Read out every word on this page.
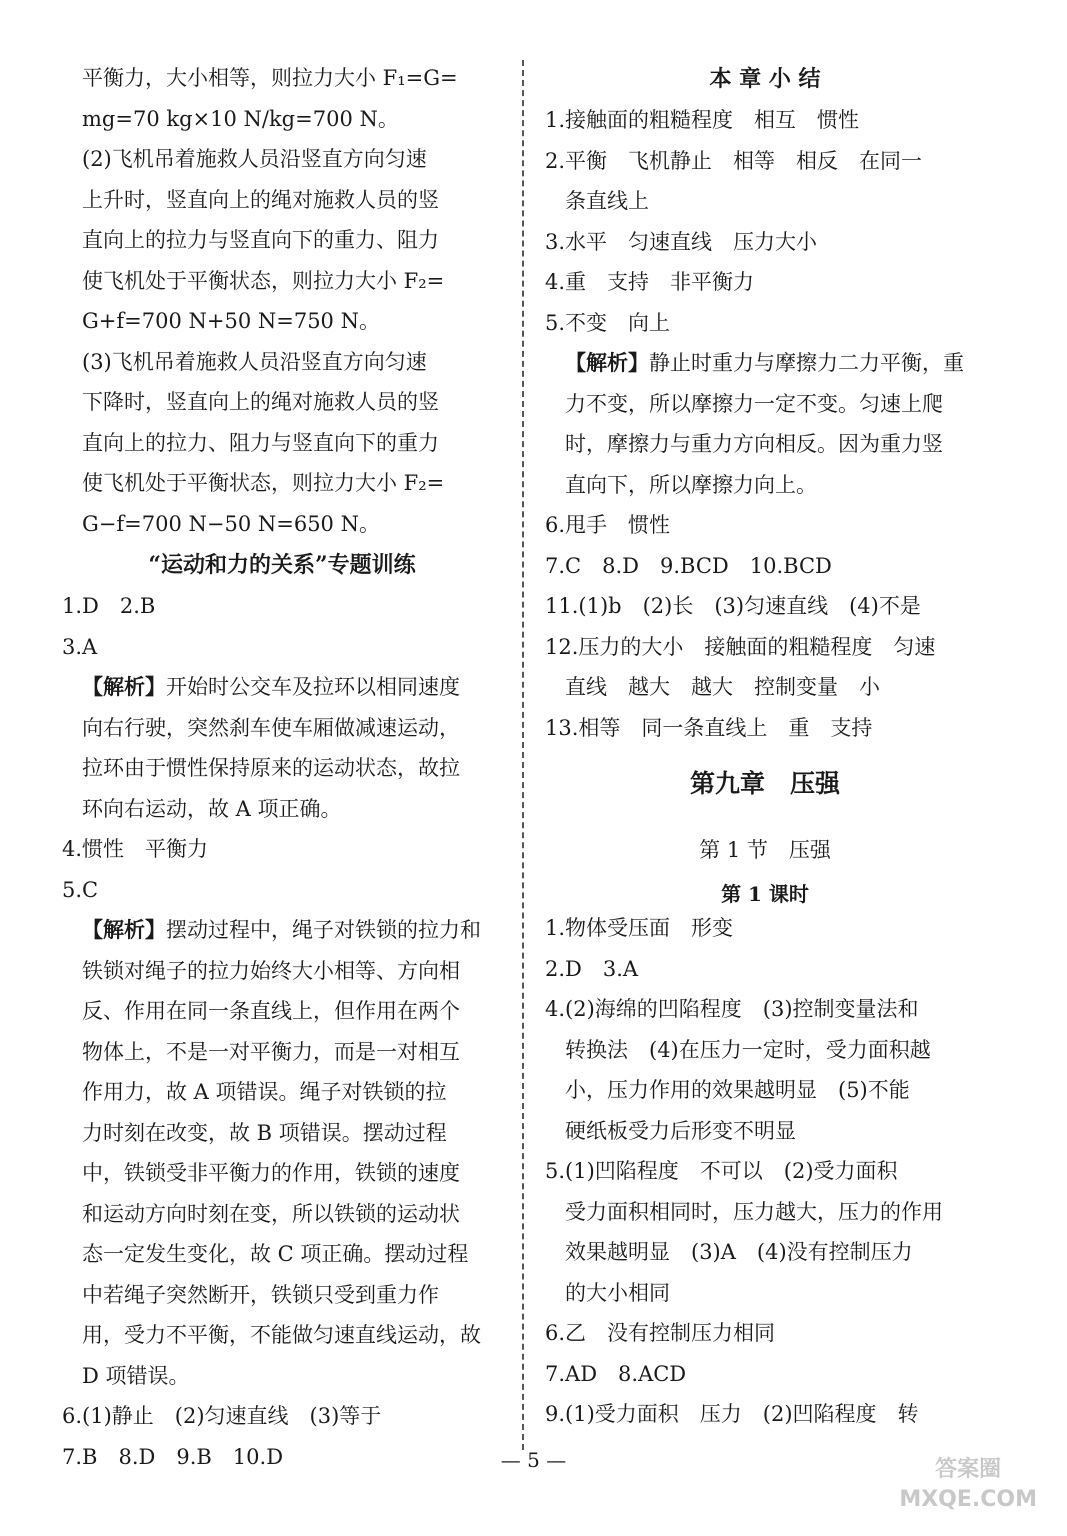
平衡力，大小相等，则拉力大小 F₁=G=
mg=70 kg×10 N/kg=700 N。
(2)飞机吊着施救人员沿竖直方向匀速
上升时，竖直向上的绳对施救人员的竖
直向上的拉力与竖直向下的重力、阻力
使飞机处于平衡状态，则拉力大小 F₂=
G+f=700 N+50 N=750 N。
(3)飞机吊着施救人员沿竖直方向匀速
下降时，竖直向上的绳对施救人员的竖
直向上的拉力、阻力与竖直向下的重力
使飞机处于平衡状态，则拉力大小 F₂=
G−f=700 N−50 N=650 N。
“运动和力的关系”专题训练
1.D　2.B
3.A
【解析】开始时公交车及拉环以相同速度
向右行驶，突然刹车使车厢做减速运动，
拉环由于惯性保持原来的运动状态，故拉
环向右运动，故 A 项正确。
4.惯性　平衡力
5.C
【解析】摆动过程中，绳子对铁锁的拉力和
铁锁对绳子的拉力始终大小相等、方向相
反、作用在同一条直线上，但作用在两个
物体上，不是一对平衡力，而是一对相互
作用力，故 A 项错误。绳子对铁锁的拉
力时刻在改变，故 B 项错误。摆动过程
中，铁锁受非平衡力的作用，铁锁的速度
和运动方向时刻在变，所以铁锁的运动状
态一定发生变化，故 C 项正确。摆动过程
中若绳子突然断开，铁锁只受到重力作
用，受力不平衡，不能做匀速直线运动，故
D 项错误。
6.(1)静止　(2)匀速直线　(3)等于
7.B　8.D　9.B　10.D
本 章 小 结
1.接触面的粗糙程度　相互　惯性
2.平衡　飞机静止　相等　相反　在同一
条直线上
3.水平　匀速直线　压力大小
4.重　支持　非平衡力
5.不变　向上
【解析】静止时重力与摩擦力二力平衡，重
力不变，所以摩擦力一定不变。匀速上爬
时，摩擦力与重力方向相反。因为重力竖
直向下，所以摩擦力向上。
6.甩手　惯性
7.C　8.D　9.BCD　10.BCD
11.(1)b　(2)长　(3)匀速直线　(4)不是
12.压力的大小　接触面的粗糙程度　匀速
直线　越大　越大　控制变量　小
13.相等　同一条直线上　重　支持
第九章　压强
第 1 节　压强
第 1 课时
1.物体受压面　形变
2.D　3.A
4.(2)海绵的凹陷程度　(3)控制变量法和
转换法　(4)在压力一定时，受力面积越
小，压力作用的效果越明显　(5)不能
硬纸板受力后形变不明显
5.(1)凹陷程度　不可以　(2)受力面积
受力面积相同时，压力越大，压力的作用
效果越明显　(3)A　(4)没有控制压力
的大小相同
6.乙　没有控制压力相同
7.AD　8.ACD
9.(1)受力面积　压力　(2)凹陷程度　转
— 5 —	答案圈
MXQE.COM
